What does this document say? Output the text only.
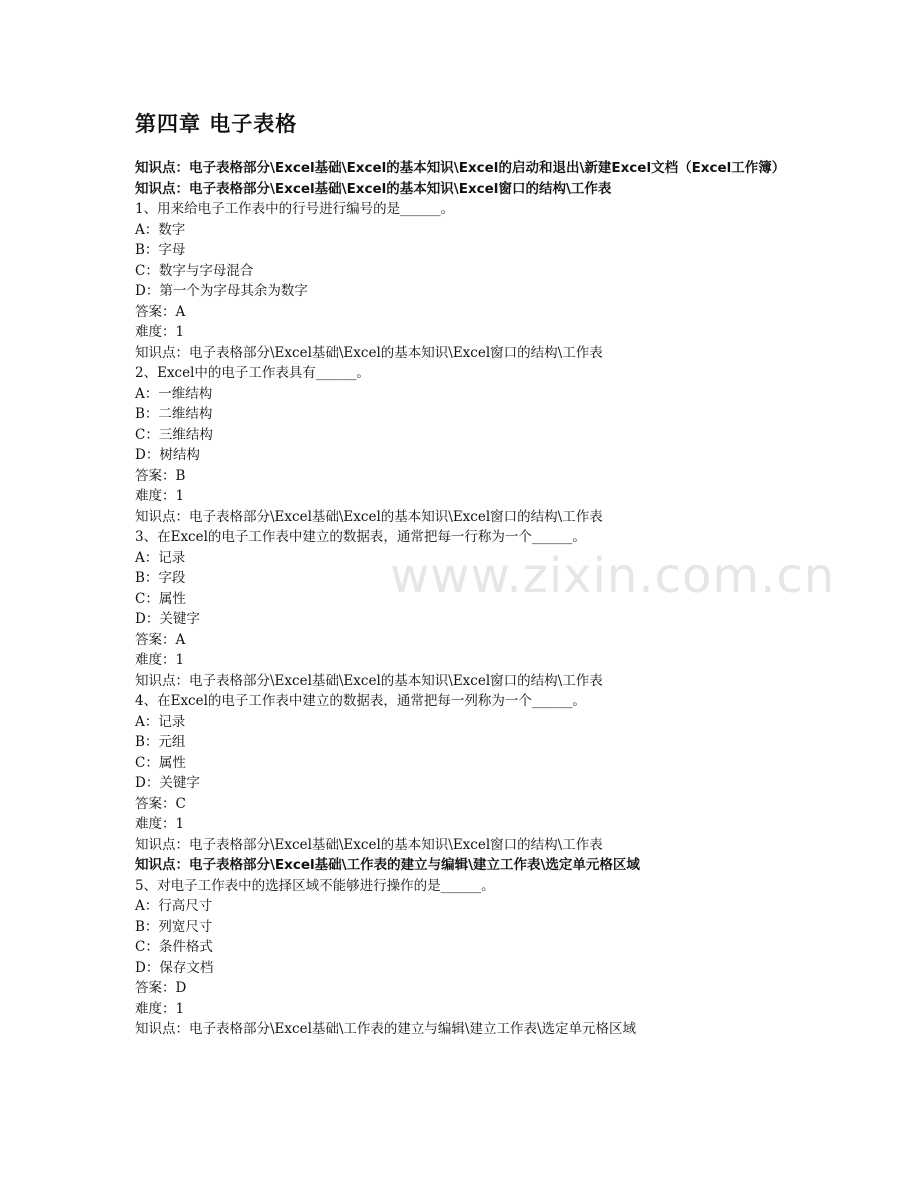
www.zixin.com.cn
第四章 电子表格

知识点：电子表格部分\Excel基础\Excel的基本知识\Excel的启动和退出\新建Excel文档（Excel工作簿）知识点：电子表格部分\Excel基础\Excel的基本知识\Excel窗口的结构\工作表

1、用来给电子工作表中的行号进行编号的是______。

A：数字

B：字母

C：数字与字母混合

D：第一个为字母其余为数字

答案：A

难度：1

知识点：电子表格部分\Excel基础\Excel的基本知识\Excel窗口的结构\工作表

2、Excel中的电子工作表具有______。

A：一维结构

B：二维结构

C：三维结构

D：树结构

答案：B

难度：1

知识点：电子表格部分\Excel基础\Excel的基本知识\Excel窗口的结构\工作表

3、在Excel的电子工作表中建立的数据表，通常把每一行称为一个______。

A：记录

B：字段

C：属性

D：关键字

答案：A

难度：1

知识点：电子表格部分\Excel基础\Excel的基本知识\Excel窗口的结构\工作表

4、在Excel的电子工作表中建立的数据表，通常把每一列称为一个______。

A：记录

B：元组

C：属性

D：关键字

答案：C

难度：1

知识点：电子表格部分\Excel基础\Excel的基本知识\Excel窗口的结构\工作表

知识点：电子表格部分\Excel基础\工作表的建立与编辑\建立工作表\选定单元格区域

5、对电子工作表中的选择区域不能够进行操作的是______。

A：行高尺寸

B：列宽尺寸

C：条件格式

D：保存文档

答案：D

难度：1

知识点：电子表格部分\Excel基础\工作表的建立与编辑\建立工作表\选定单元格区域
